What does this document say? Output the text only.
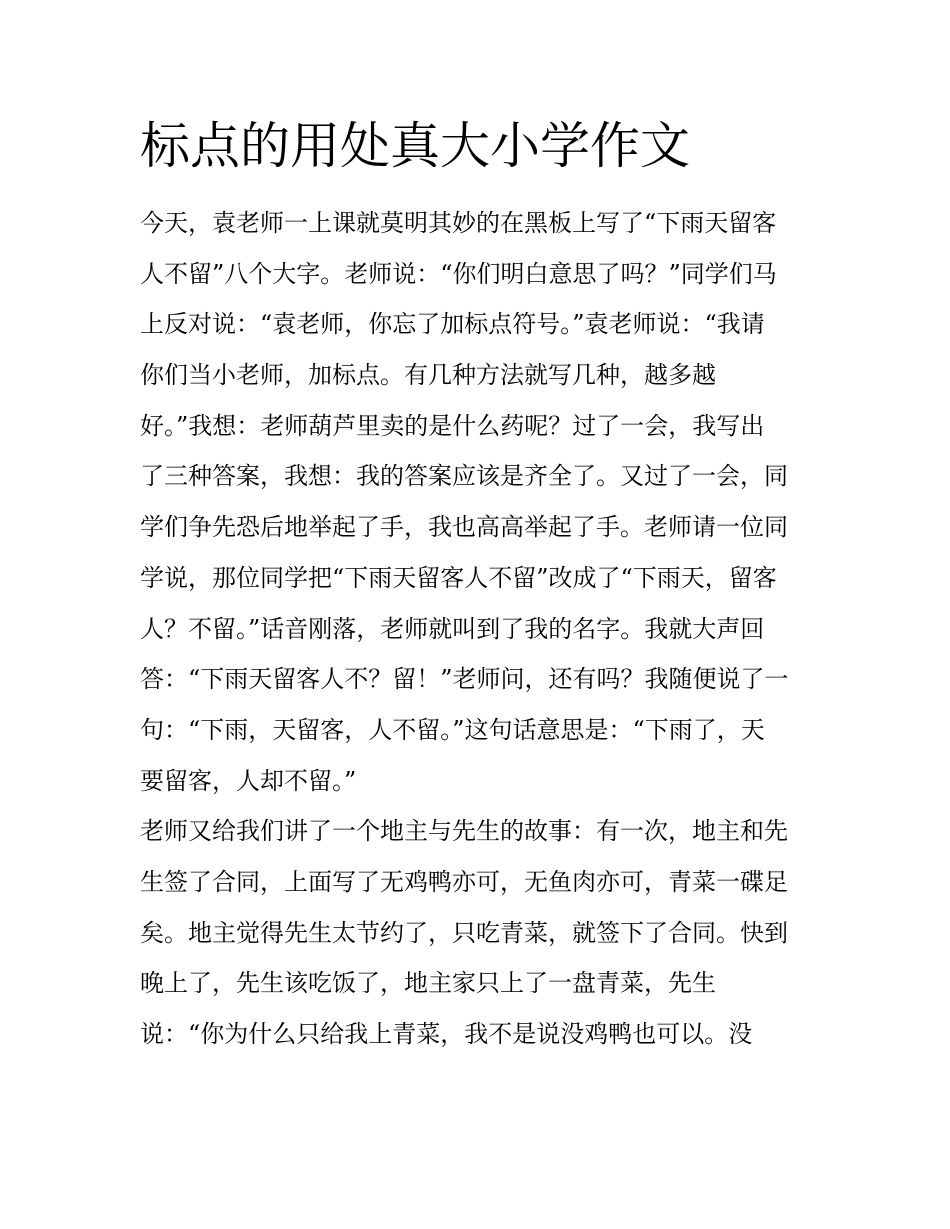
标点的用处真大小学作文
今天，袁老师一上课就莫明其妙的在黑板上写了“下雨天留客
人不留”八个大字。老师说：“你们明白意思了吗？”同学们马
上反对说：“袁老师，你忘了加标点符号。”袁老师说：“我请
你们当小老师，加标点。有几种方法就写几种，越多越
好。”我想：老师葫芦里卖的是什么药呢？过了一会，我写出
了三种答案，我想：我的答案应该是齐全了。又过了一会，同
学们争先恐后地举起了手，我也高高举起了手。老师请一位同
学说，那位同学把“下雨天留客人不留”改成了“下雨天，留客
人？不留。”话音刚落，老师就叫到了我的名字。我就大声回
答：“下雨天留客人不？留！”老师问，还有吗？我随便说了一
句：“下雨，天留客，人不留。”这句话意思是：“下雨了，天
要留客，人却不留。”
老师又给我们讲了一个地主与先生的故事：有一次，地主和先
生签了合同，上面写了无鸡鸭亦可，无鱼肉亦可，青菜一碟足
矣。地主觉得先生太节约了，只吃青菜，就签下了合同。快到
晚上了，先生该吃饭了，地主家只上了一盘青菜，先生
说：“你为什么只给我上青菜，我不是说没鸡鸭也可以。没
